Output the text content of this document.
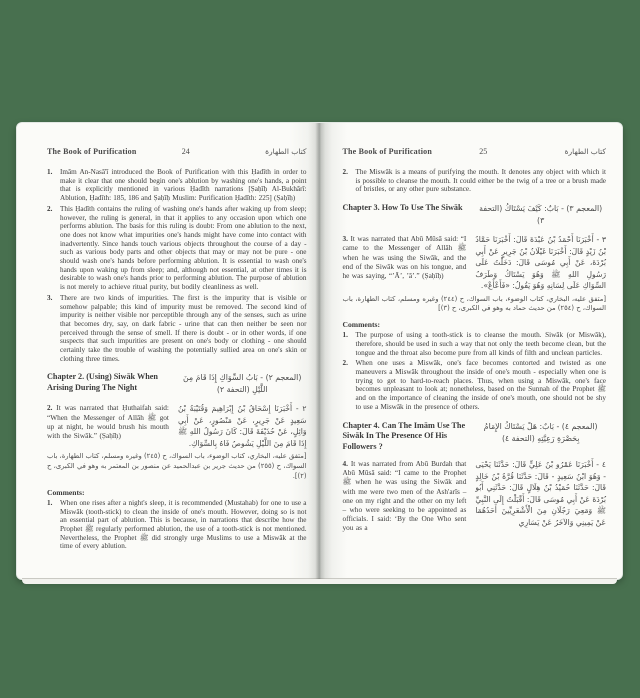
The Book of Purification	24	كتاب الطهارة
1.	Imām An-Nasā'ī introduced the Book of Purification with this Ḥadīth in order to make it clear that one should begin one's ablution by washing one's hands, a point that is explicitly mentioned in various Ḥadīth narrations [Ṣaḥīḥ Al-Bukhārī: Ablution, Ḥadīth: 185, 186 and Ṣaḥīḥ Muslim: Purification Ḥadīth: 225] (Ṣaḥīḥ)
2.	This Ḥadīth contains the ruling of washing one's hands after waking up from sleep; however, the ruling is general, in that it applies to any occasion upon which one performs ablution. The basis for this ruling is doubt: From one ablution to the next, one does not know what impurities one's hands might have come into contact with inadvertently. Since hands touch various objects throughout the course of a day - such as various body parts and other objects that may or may not be pure - one should wash one's hands before performing ablution. It is essential to wash one's hands upon waking up from sleep; and, although not essential, at other times it is desirable to wash one's hands prior to performing ablution. The purpose of ablution is not merely to achieve ritual purity, but bodily cleanliness as well.
3.	There are two kinds of impurities. The first is the impurity that is visible or somehow palpable; this kind of impurity must be removed. The second kind of impurity is neither visible nor perceptible through any of the senses, such as urine that becomes dry, say, on dark fabric - urine that can then neither be seen nor perceived through the sense of smell. If there is doubt - or in other words, if one suspects that such impurities are present on one's body or clothing - one should certainly take the trouble of washing the potentially sullied area on one's skin or clothing three times.
Chapter 2. (Using) Siwāk When Arising During The Night
(المعجم ٢) - بَابُ السِّوَاكِ إِذَا قَامَ مِنَ اللَّيْلِ (التحفة ٢)
2. It was narrated that Ḥuthaifah said: “When the Messenger of Allāh ﷺ got up at night, he would brush his mouth with the Siwāk.” (Ṣaḥīḥ)
٢ - أَخْبَرَنَا إِسْحَاقُ بْنُ إِبْرَاهِيمَ وَقُتَيْبَةُ بْنُ سَعِيدٍ عَنْ جَرِيرٍ، عَنْ مَنْصُورٍ، عَنْ أَبِي وَائِلٍ، عَنْ حُذَيْفَةَ قَالَ: كَانَ رَسُولُ اللهِ ﷺ إِذَا قَامَ مِنَ اللَّيْلِ يَشُوصُ فَاهُ بِالسِّوَاكِ.
[متفق عليه، البخاري، كتاب الوضوء، باب السواك، ح (٢٤٥) وغيره ومسلم، كتاب الطهارة، باب السواك، ح (٢٥٥) من حديث جرير بن عبدالحميد عن منصور بن المعتمر به وهو في الكبرى، ح (٢)].
Comments:
1.	When one rises after a night's sleep, it is recommended (Mustahab) for one to use a Miswāk (tooth-stick) to clean the inside of one's mouth. However, doing so is not an essential part of ablution. This is because, in narrations that describe how the Prophet ﷺ regularly performed ablution, the use of a tooth-stick is not mentioned. Nevertheless, the Prophet ﷺ did strongly urge Muslims to use a Miswāk at the time of every ablution.
The Book of Purification	25	كتاب الطهارة
2.	The Miswāk is a means of purifying the mouth. It denotes any object with which it is possible to cleanse the mouth. It could either be the twig of a tree or a brush made of bristles, or any other pure substance.
Chapter 3. How To Use The Siwāk	(المعجم ٣) - بَابٌ: كَيْفَ يَسْتَاكُ (التحفة ٣)
3. It was narrated that Abū Mūsā said: “I came to the Messenger of Allāh ﷺ when he was using the Siwāk, and the end of the Siwāk was on his tongue, and he was saying, “’Ā’, ’ā’.” (Ṣaḥīḥ)
٣ - أَخْبَرَنَا أَحْمَدُ بْنُ عَبْدَةَ قَالَ: أَخْبَرَنَا حَمَّادُ بْنُ زَيْدٍ قَالَ: أَخْبَرَنَا غَيْلَانُ بْنُ جَرِيرٍ عَنْ أَبِي بُرْدَةَ، عَنْ أَبِي مُوسَى قَالَ: دَخَلْتُ عَلَى رَسُولِ اللهِ ﷺ وَهُوَ يَسْتَاكُ وَطَرَفُ السِّوَاكِ عَلَى لِسَانِهِ وَهُوَ يَقُولُ: «فَأَعْأَعْ».
[متفق عليه، البخاري، كتاب الوضوء، باب السواك، ح (٢٤٤) وغيره ومسلم، كتاب الطهارة، باب السواك، ح (٢٥٤) من حديث حماد به وهو في الكبرى، ح (٣)]
Comments:
1.	The purpose of using a tooth-stick is to cleanse the mouth. Siwāk (or Miswāk), therefore, should be used in such a way that not only the teeth become clean, but the tongue and the throat also become pure from all kinds of filth and unclean particles.
2.	When one uses a Miswāk, one's face becomes contorted and twisted as one maneuvers a Miswāk throughout the inside of one's mouth - especially when one is trying to get to hard-to-reach places. Thus, when using a Miswāk, one's face becomes unpleasant to look at; nonetheless, based on the Sunnah of the Prophet ﷺ and on the importance of cleaning the inside of one's mouth, one should not be shy to use a Miswāk in the presence of others.
Chapter 4. Can The Imām Use The Siwāk In The Presence Of His Followers ?
(المعجم ٤) - بَابٌ: هَلْ يَسْتَاكُ الإِمَامُ بِحَضْرَةِ رَعِيَّتِهِ (التحفة ٤)
4. It was narrated from Abū Burdah that Abū Mūsā said: “I came to the Prophet ﷺ when he was using the Siwāk and with me were two men of the Ash'arīs – one on my right and the other on my left – who were seeking to be appointed as officials. I said: ‘By the One Who sent you as a
٤ - أَخْبَرَنَا عَمْرُو بْنُ عَلِيٍّ قَالَ: حَدَّثَنَا يَحْيَى - وَهُوَ ابْنُ سَعِيدٍ - قَالَ: حَدَّثَنَا قُرَّةُ بْنُ خَالِدٍ قَالَ: حَدَّثَنَا حُمَيْدُ بْنُ هِلَالٍ قَالَ: حَدَّثَنِي أَبُو بُرْدَةَ عَنْ أَبِي مُوسَى قَالَ: أَقْبَلْتُ إِلَى النَّبِيِّ ﷺ وَمَعِيَ رَجُلَانِ مِنَ الْأَشْعَرِيِّينَ أَحَدُهُمَا عَنْ يَمِينِي وَالآخَرُ عَنْ يَسَارِي
